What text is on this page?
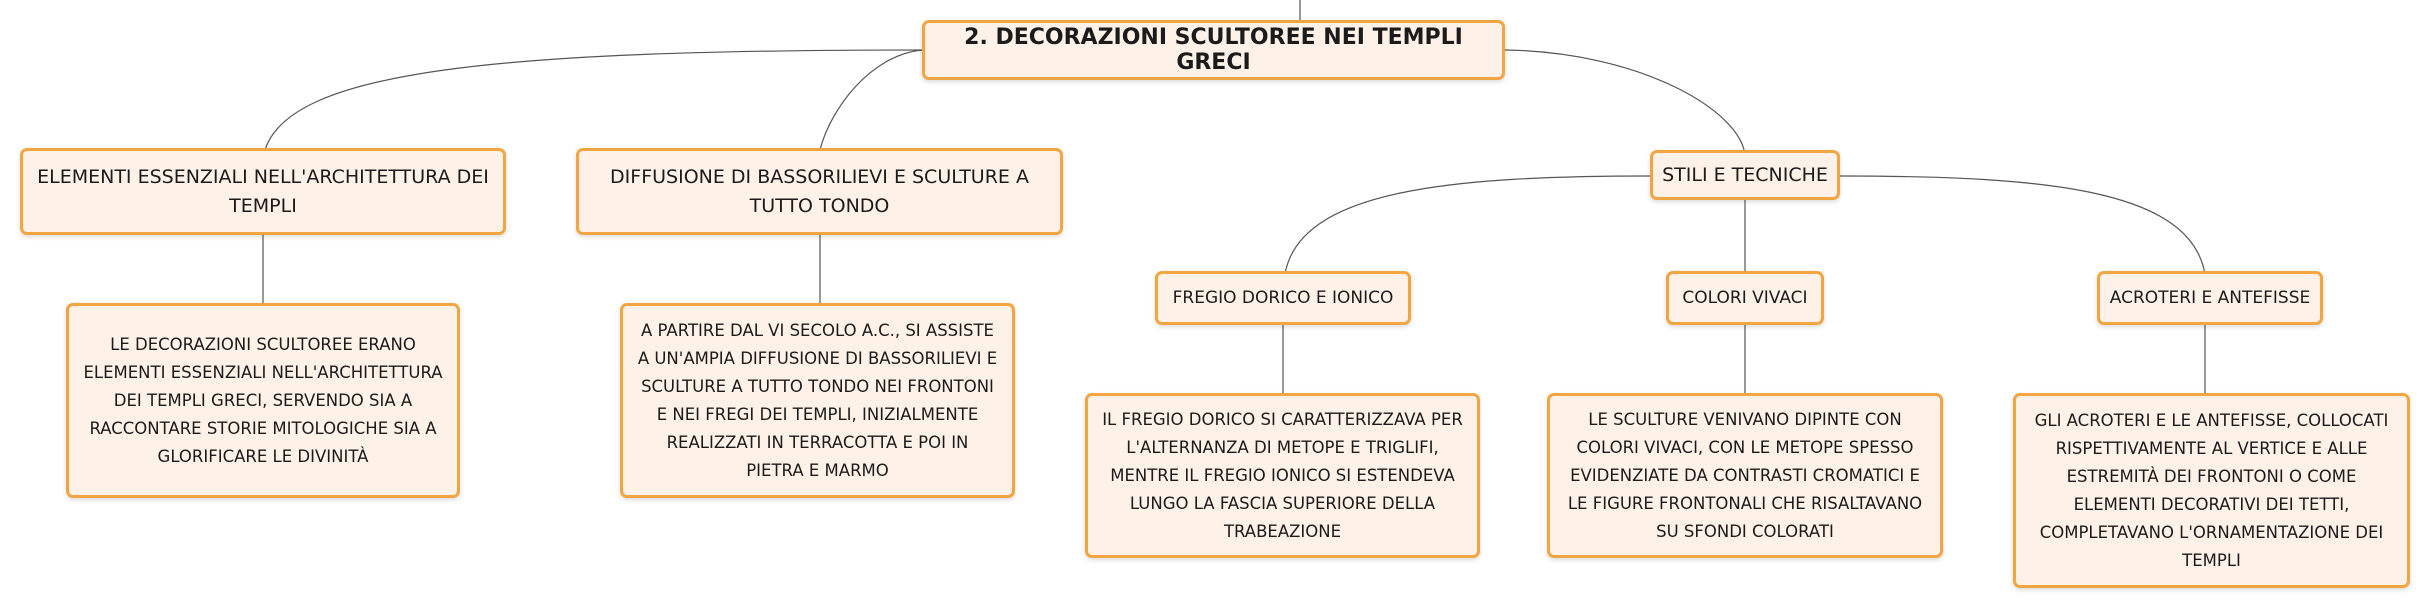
2. DECORAZIONI SCULTOREE NEI TEMPLI GRECI
ELEMENTI ESSENZIALI NELL'ARCHITETTURA DEI TEMPLI
DIFFUSIONE DI BASSORILIEVI E SCULTURE A TUTTO TONDO
STILI E TECNICHE
LE DECORAZIONI SCULTOREE ERANO ELEMENTI ESSENZIALI NELL'ARCHITETTURA DEI TEMPLI GRECI, SERVENDO SIA A RACCONTARE STORIE MITOLOGICHE SIA A GLORIFICARE LE DIVINITÀ
A PARTIRE DAL VI SECOLO A.C., SI ASSISTE A UN'AMPIA DIFFUSIONE DI BASSORILIEVI E SCULTURE A TUTTO TONDO NEI FRONTONI E NEI FREGI DEI TEMPLI, INIZIALMENTE REALIZZATI IN TERRACOTTA E POI IN PIETRA E MARMO
FREGIO DORICO E IONICO	COLORI VIVACI	ACROTERI E ANTEFISSE
IL FREGIO DORICO SI CARATTERIZZAVA PER L'ALTERNANZA DI METOPE E TRIGLIFI, MENTRE IL FREGIO IONICO SI ESTENDEVA LUNGO LA FASCIA SUPERIORE DELLA TRABEAZIONE
LE SCULTURE VENIVANO DIPINTE CON COLORI VIVACI, CON LE METOPE SPESSO EVIDENZIATE DA CONTRASTI CROMATICI E LE FIGURE FRONTONALI CHE RISALTAVANO SU SFONDI COLORATI
GLI ACROTERI E LE ANTEFISSE, COLLOCATI RISPETTIVAMENTE AL VERTICE E ALLE ESTREMITÀ DEI FRONTONI O COME ELEMENTI DECORATIVI DEI TETTI, COMPLETAVANO L'ORNAMENTAZIONE DEI TEMPLI
